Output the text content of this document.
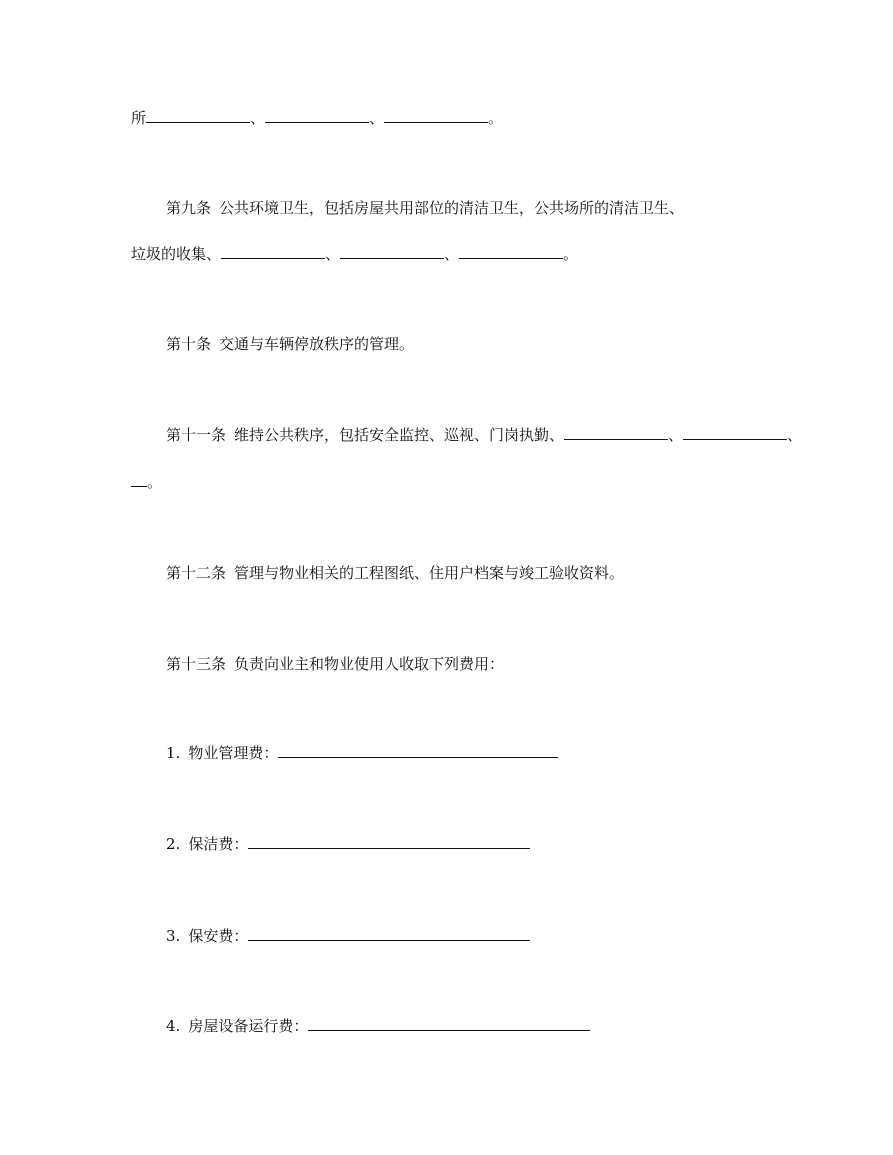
所	、	、	。
第九条 公共环境卫生，包括房屋共用部位的清洁卫生，公共场所的清洁卫生、
垃圾的收集、	、	、	。
第十条 交通与车辆停放秩序的管理。
第十一条 维持公共秩序，包括安全监控、巡视、门岗执勤、	、	、
。
第十二条 管理与物业相关的工程图纸、住用户档案与竣工验收资料。
第十三条 负责向业主和物业使用人收取下列费用：
1. 物业管理费：
2. 保洁费：
3. 保安费：
4. 房屋设备运行费：
